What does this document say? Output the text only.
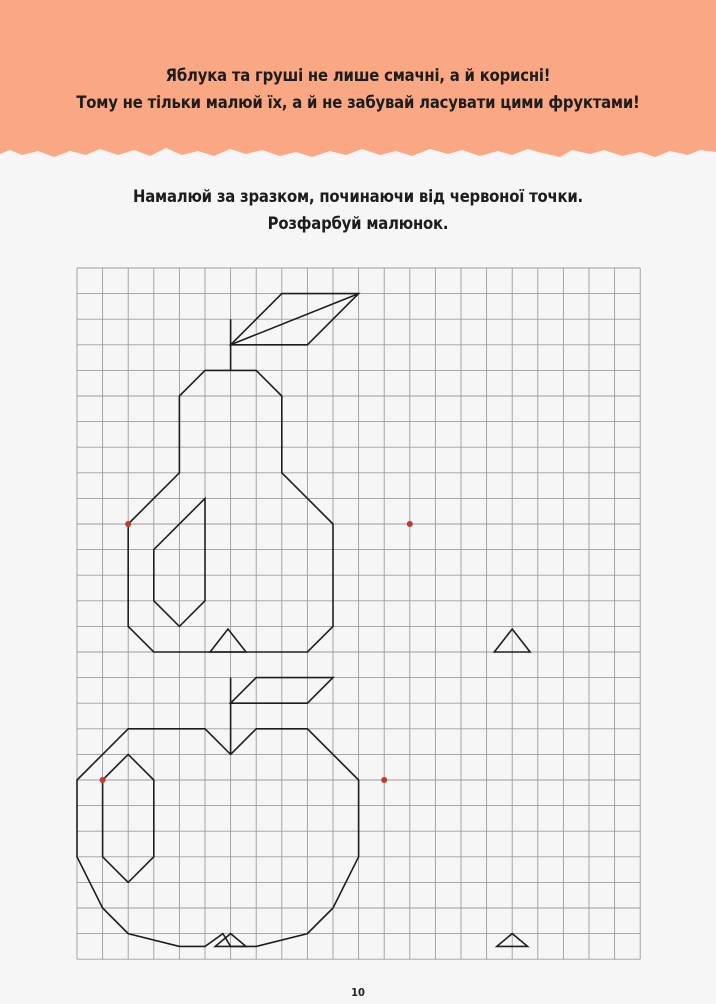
Яблука та груші не лише смачні, а й корисні!
Тому не тільки малюй їх, а й не забувай ласувати цими фруктами!
Намалюй за зразком, починаючи від червоної точки.
Розфарбуй малюнок.
10
